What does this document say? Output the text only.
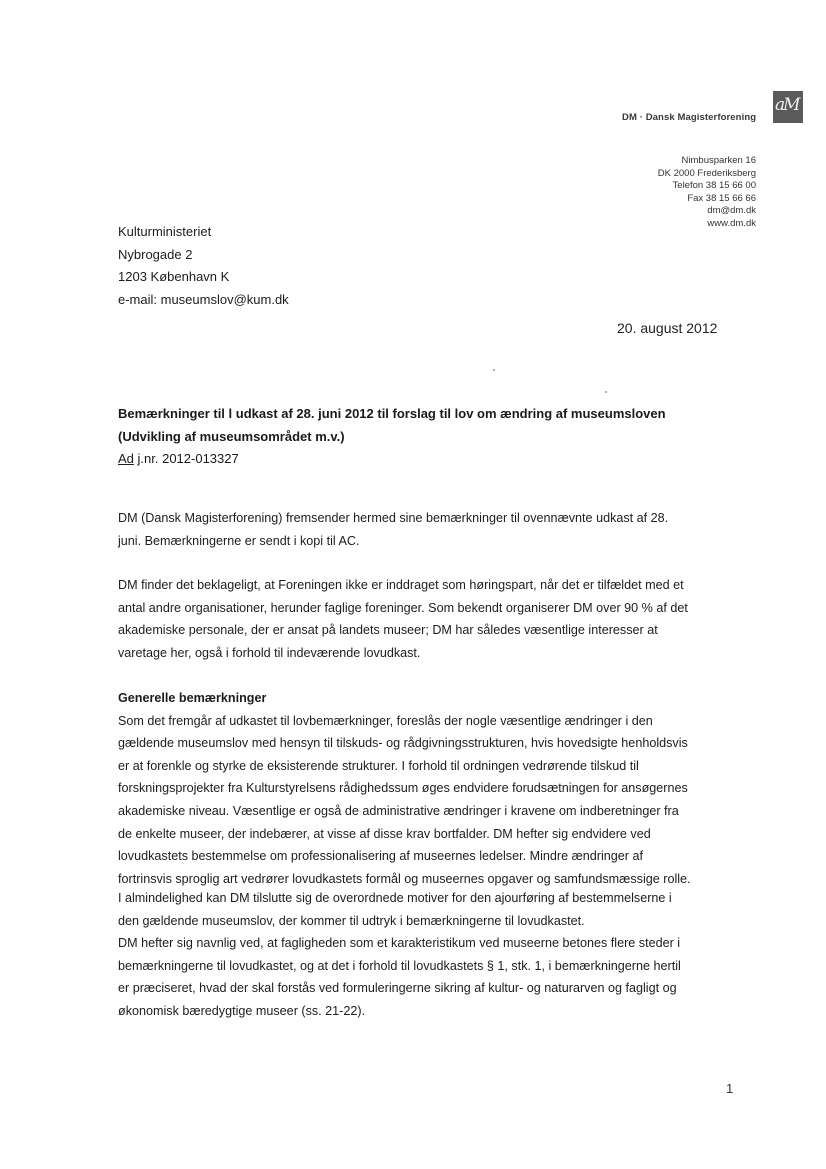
DM · Dansk Magisterforening
aM
Nimbusparken 16
DK 2000 Frederiksberg
Telefon 38 15 66 00
Fax 38 15 66 66
dm@dm.dk
www.dm.dk
Kulturministeriet
Nybrogade 2
1203 København K
e-mail: museumslov@kum.dk
20. august 2012
Bemærkninger til l udkast af 28. juni 2012 til forslag til lov om ændring af museumsloven
(Udvikling af museumsområdet m.v.)
Ad j.nr. 2012-013327

DM (Dansk Magisterforening) fremsender hermed sine bemærkninger til ovennævnte udkast af 28.

juni. Bemærkningerne er sendt i kopi til AC.

DM finder det beklageligt, at Foreningen ikke er inddraget som høringspart, når det er tilfældet med et

antal andre organisationer, herunder faglige foreninger. Som bekendt organiserer DM over 90 % af det

akademiske personale, der er ansat på landets museer; DM har således væsentlige interesser at

varetage her, også i forhold til indeværende lovudkast.

Generelle bemærkninger

Som det fremgår af udkastet til lovbemærkninger, foreslås der nogle væsentlige ændringer i den

gældende museumslov med hensyn til tilskuds- og rådgivningsstrukturen, hvis hovedsigte henholdsvis

er at forenkle og styrke de eksisterende strukturer. I forhold til ordningen vedrørende tilskud til

forskningsprojekter fra Kulturstyrelsens rådighedssum øges endvidere forudsætningen for ansøgernes

akademiske niveau. Væsentlige er også de administrative ændringer i kravene om indberetninger fra

de enkelte museer, der indebærer, at visse af disse krav bortfalder. DM hefter sig endvidere ved

lovudkastets bestemmelse om professionalisering af museernes ledelser. Mindre ændringer af

fortrinsvis sproglig art vedrører lovudkastets formål og museernes opgaver og samfundsmæssige rolle.

I almindelighed kan DM tilslutte sig de overordnede motiver for den ajourføring af bestemmelserne i

den gældende museumslov, der kommer til udtryk i bemærkningerne til lovudkastet.

DM hefter sig navnlig ved, at fagligheden som et karakteristikum ved museerne betones flere steder i

bemærkningerne til lovudkastet, og at det i forhold til lovudkastets § 1, stk. 1, i bemærkningerne hertil

er præciseret, hvad der skal forstås ved formuleringerne sikring af kultur- og naturarven og fagligt og

økonomisk bæredygtige museer (ss. 21-22).

1
